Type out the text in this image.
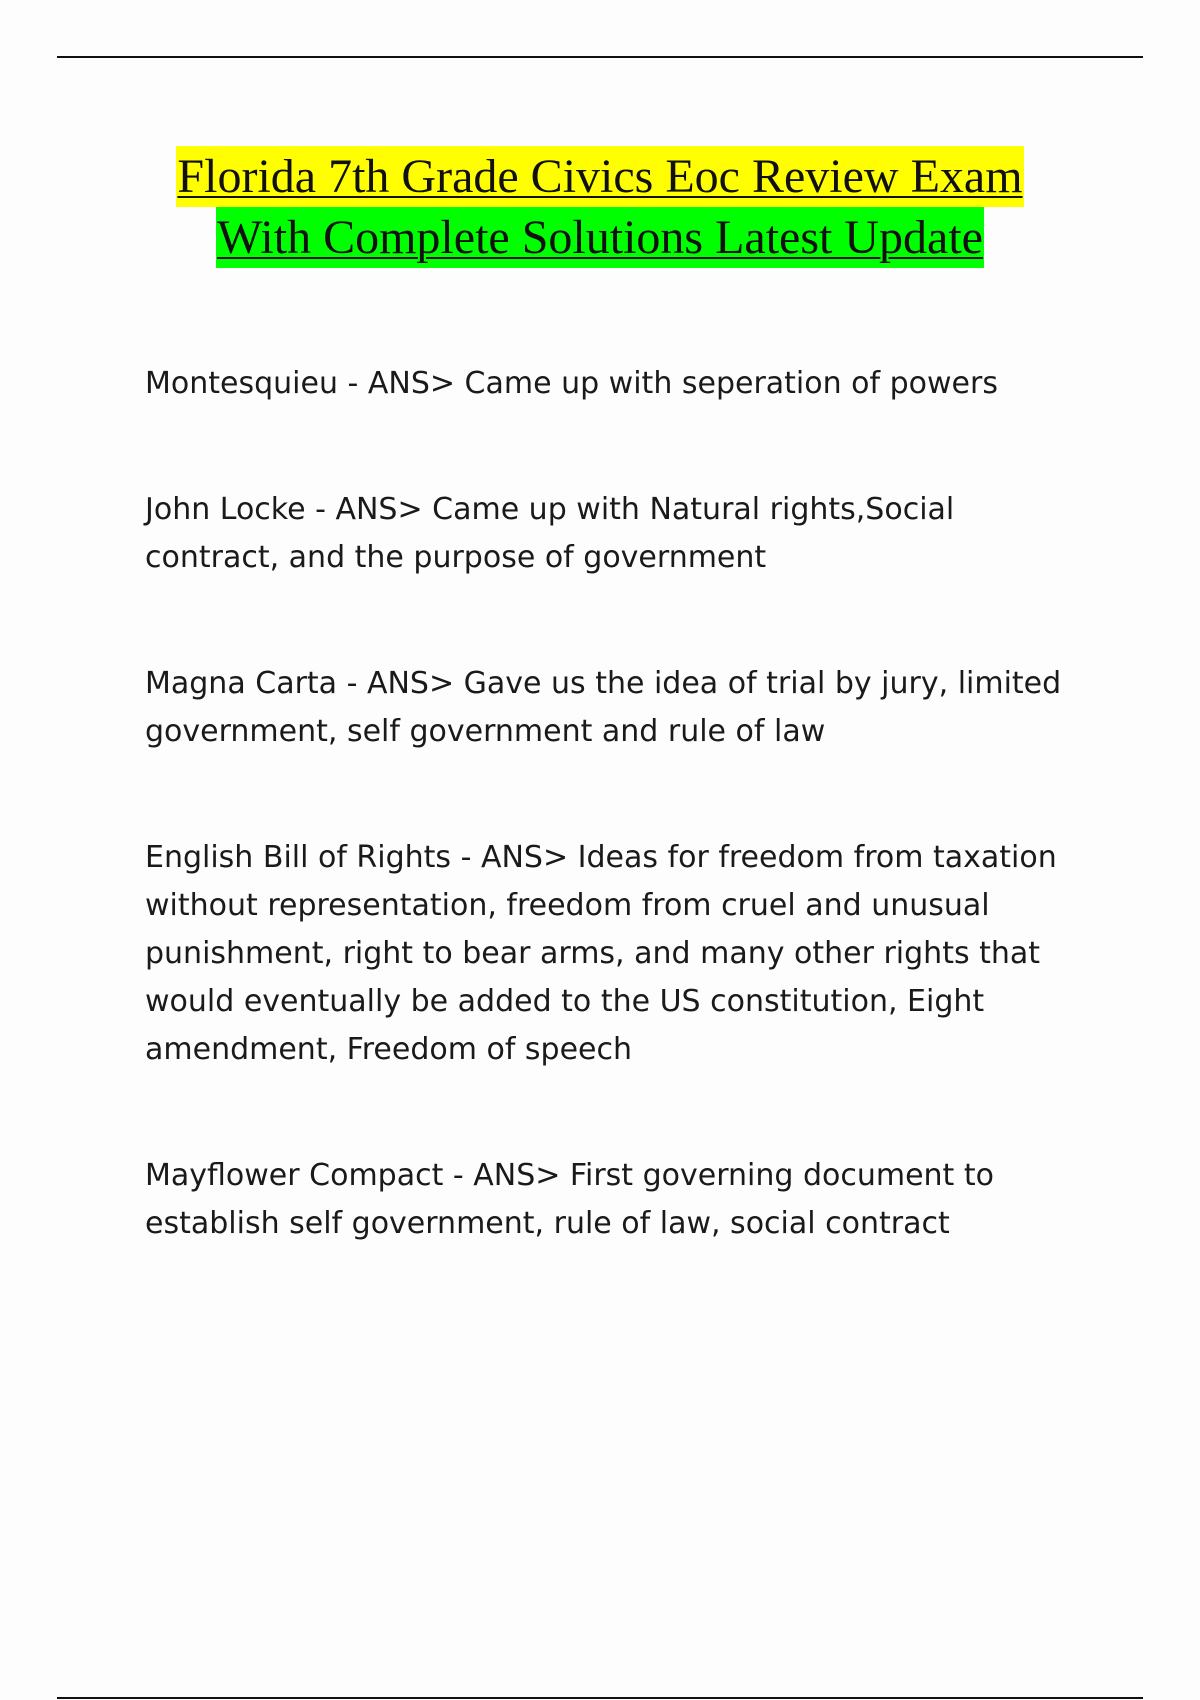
Florida 7th Grade Civics Eoc Review Exam
With Complete Solutions Latest Update

Montesquieu - ANS> Came up with seperation of powers

John Locke - ANS> Came up with Natural rights,Social contract, and the purpose of government

Magna Carta - ANS> Gave us the idea of trial by jury, limited government, self government and rule of law

English Bill of Rights - ANS> Ideas for freedom from taxation without representation, freedom from cruel and unusual punishment, right to bear arms, and many other rights that would eventually be added to the US constitution, Eight amendment, Freedom of speech

Mayflower Compact - ANS> First governing document to establish self government, rule of law, social contract
